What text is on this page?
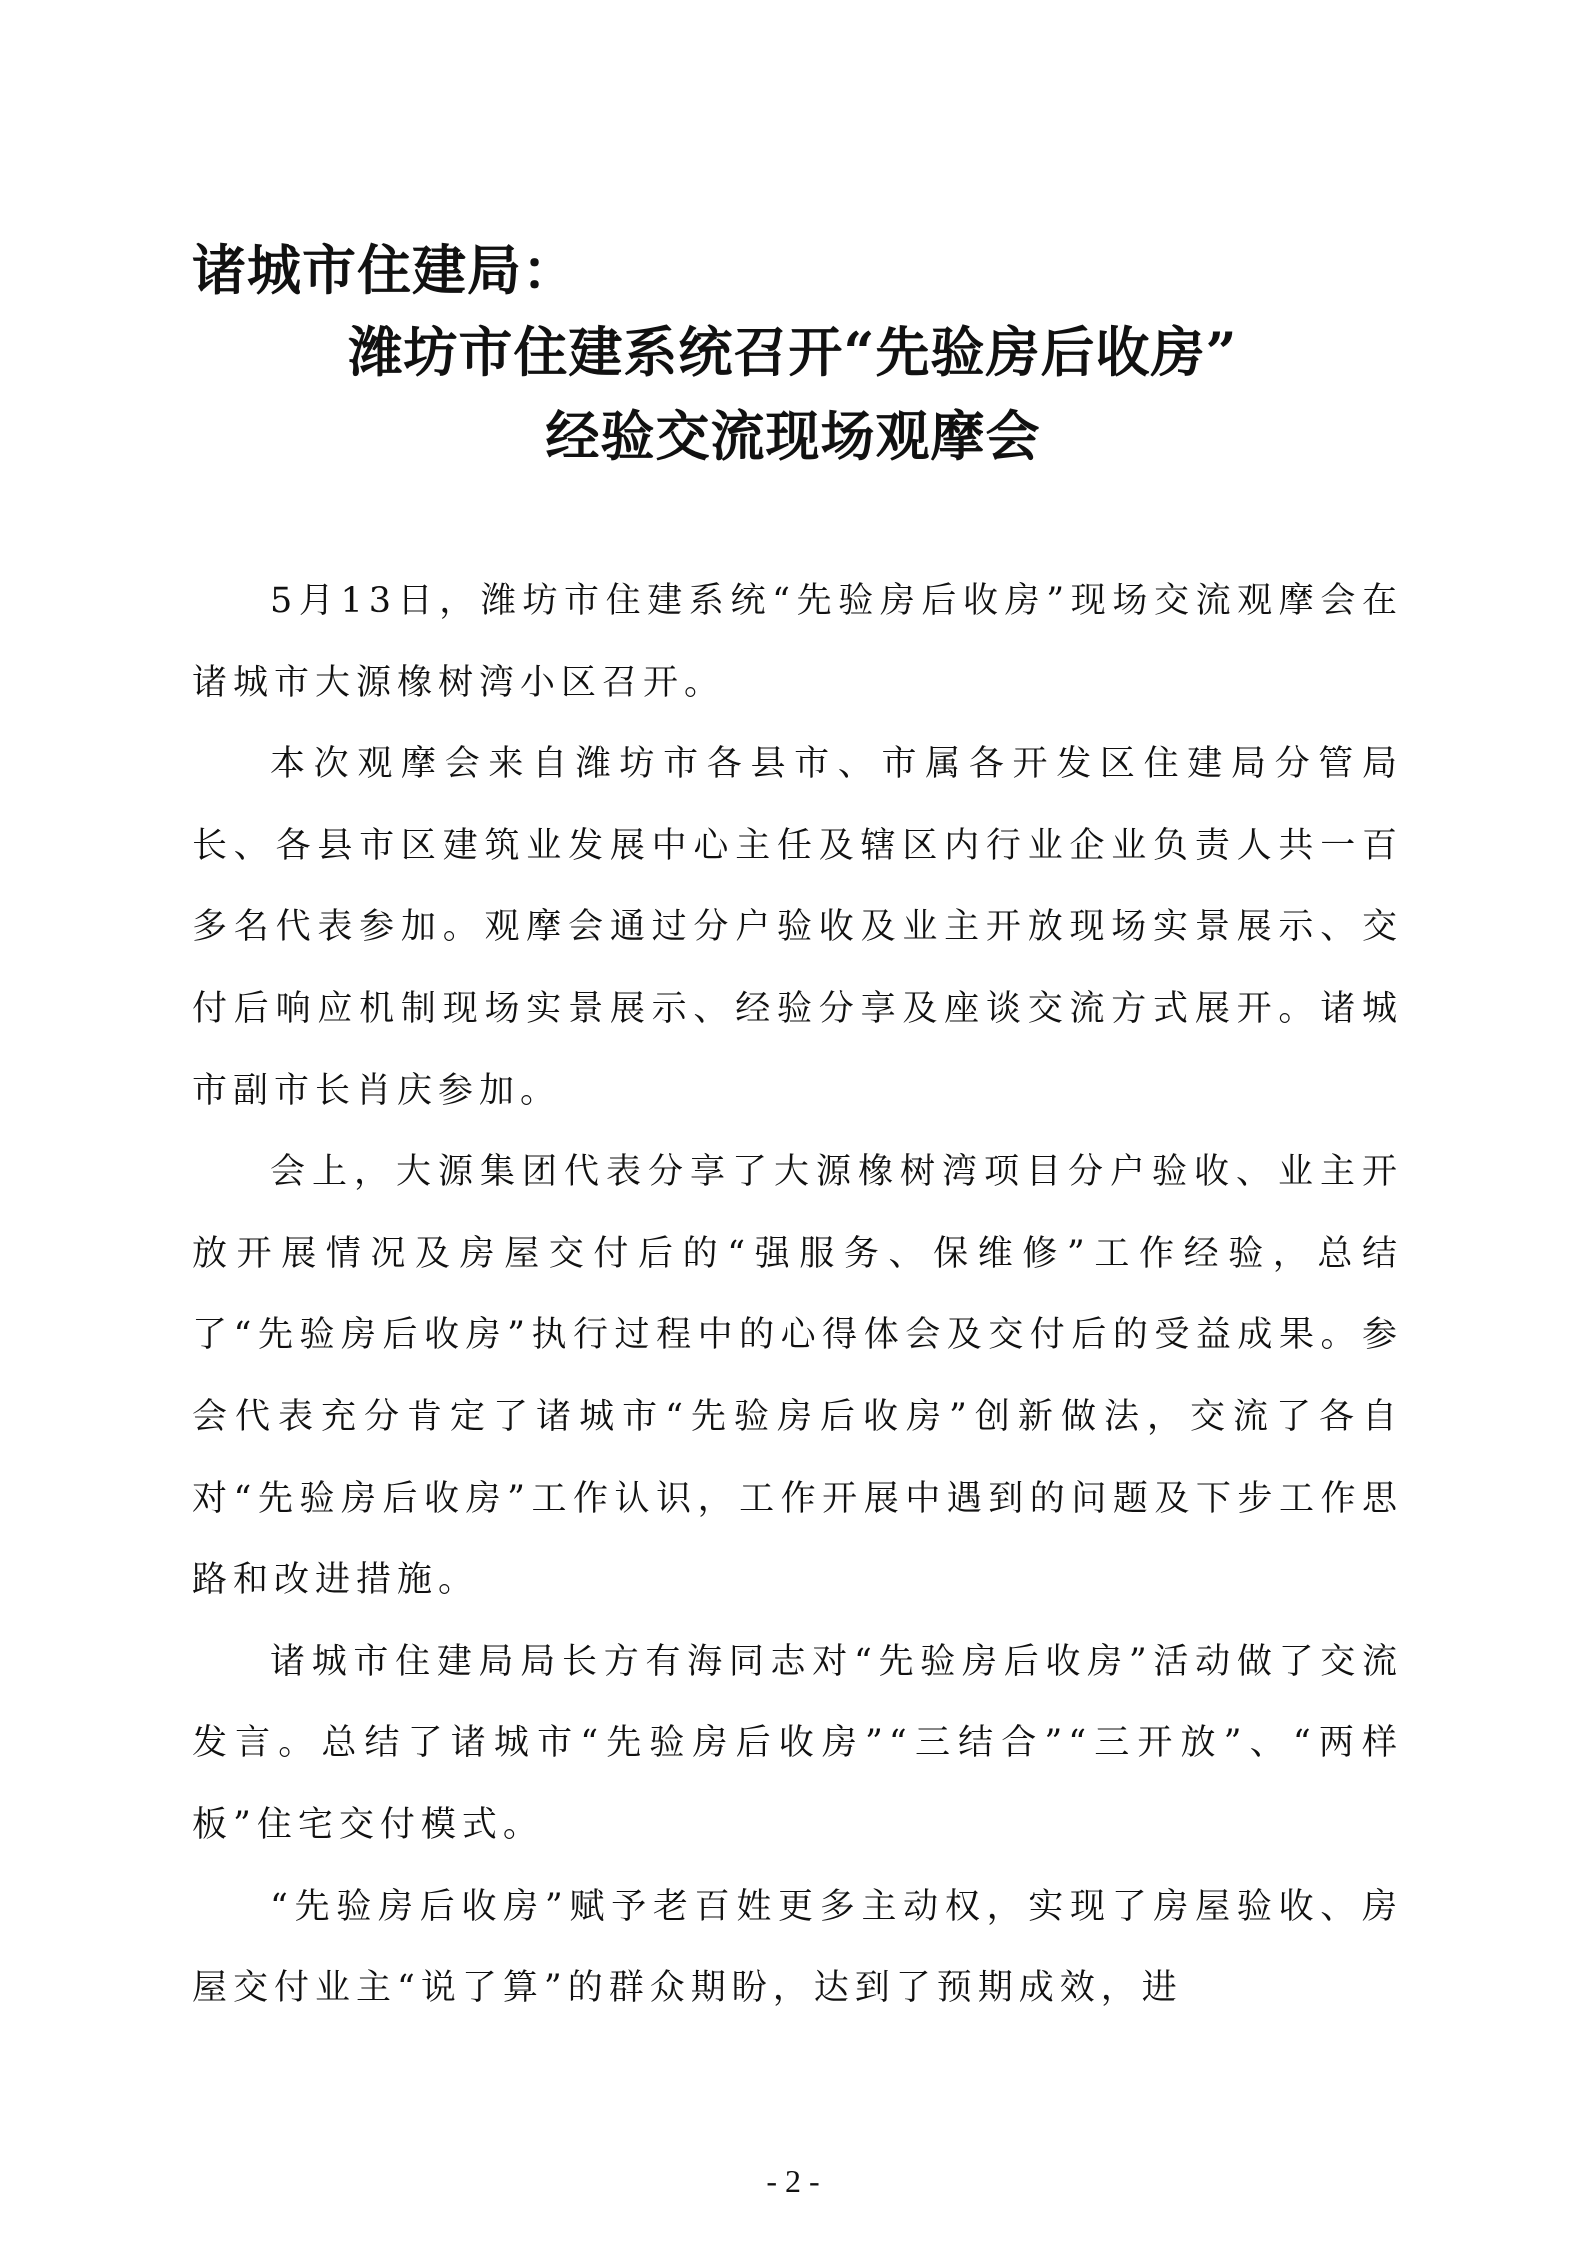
诸城市住建局：
潍坊市住建系统召开“先验房后收房”
经验交流现场观摩会

5月13日，潍坊市住建系统“先验房后收房”现场交流观摩会在诸城市大源橡树湾小区召开。

本次观摩会来自潍坊市各县市、市属各开发区住建局分管局长、各县市区建筑业发展中心主任及辖区内行业企业负责人共一百多名代表参加。观摩会通过分户验收及业主开放现场实景展示、交付后响应机制现场实景展示、经验分享及座谈交流方式展开。诸城市副市长肖庆参加。

会上，大源集团代表分享了大源橡树湾项目分户验收、业主开放开展情况及房屋交付后的“强服务、保维修”工作经验，总结了“先验房后收房”执行过程中的心得体会及交付后的受益成果。参会代表充分肯定了诸城市“先验房后收房”创新做法，交流了各自对“先验房后收房”工作认识，工作开展中遇到的问题及下步工作思路和改进措施。

诸城市住建局局长方有海同志对“先验房后收房”活动做了交流发言。总结了诸城市“先验房后收房”“三结合”“三开放”、“两样板”住宅交付模式。

“先验房后收房”赋予老百姓更多主动权，实现了房屋验收、房屋交付业主“说了算”的群众期盼，达到了预期成效，进

- 2 -
